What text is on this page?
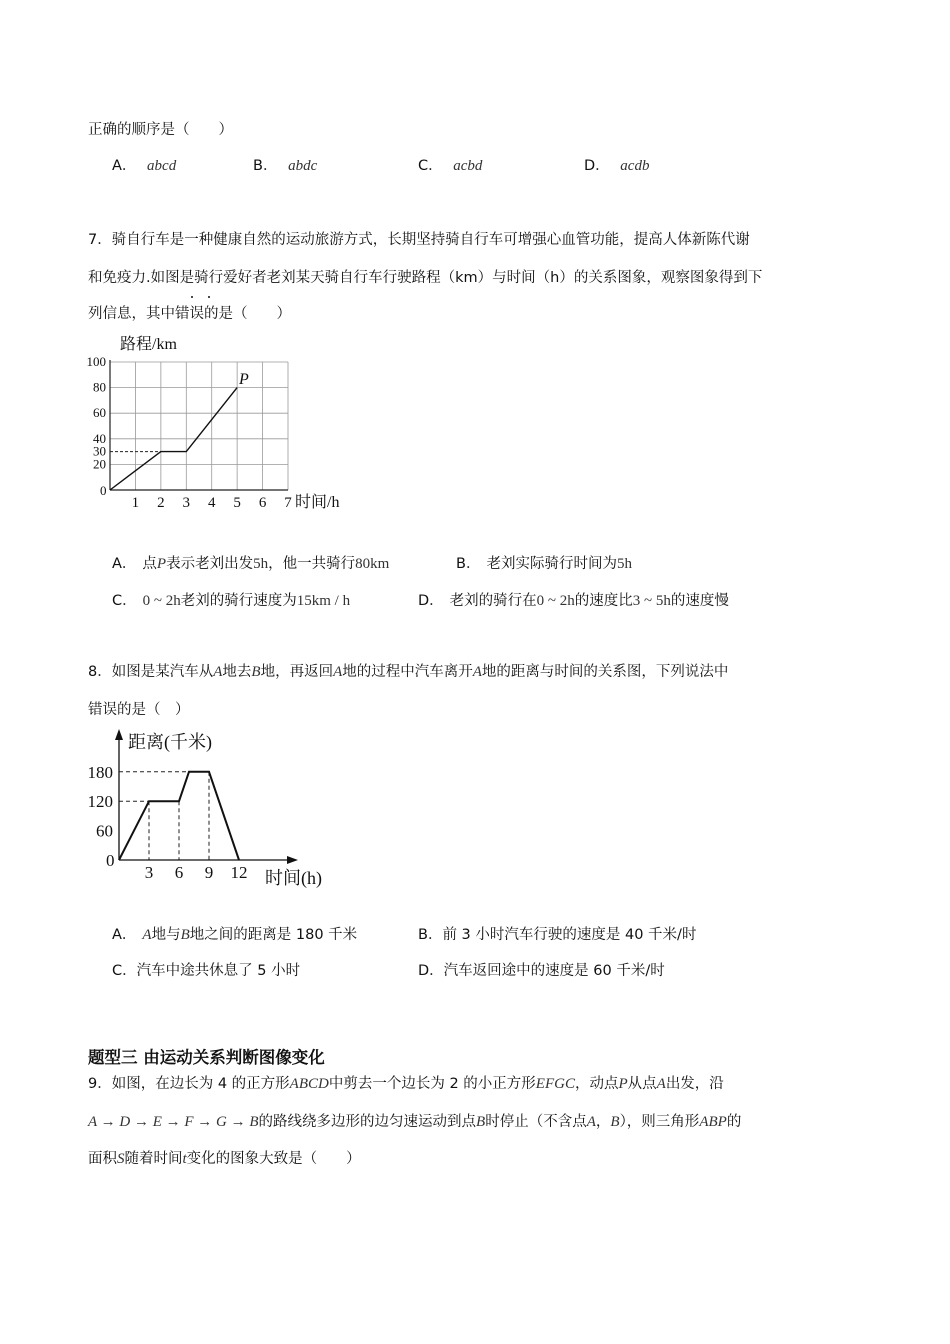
正确的顺序是（　　）
A． abcd	B． abdc	C． acbd	D． acdb
7．骑自行车是一种健康自然的运动旅游方式，长期坚持骑自行车可增强心血管功能，提高人体新陈代谢
和免疫力.如图是骑行爱好者老刘某天骑自行车行驶路程（km）与时间（h）的关系图象，观察图象得到下
列信息，其中错误的是（　　）
100
80
60
40
30
20
1 2 3 4 5 6 7
路程/km
时间/h
P
0
A． 点P表示老刘出发5h，他一共骑行80km	B． 老刘实际骑行时间为5h
C． 0 ~ 2h老刘的骑行速度为15km / h	D． 老刘的骑行在0 ~ 2h的速度比3 ~ 5h的速度慢
8．如图是某汽车从A地去B地，再返回A地的过程中汽车离开A地的距离与时间的关系图，下列说法中
错误的是（　）
180
120
60
3 6 9 12
距离(千米)
时间(h)
0
A． A地与B地之间的距离是 180 千米	B．前 3 小时汽车行驶的速度是 40 千米/时
C．汽车中途共休息了 5 小时	D．汽车返回途中的速度是 60 千米/时
题型三 由运动关系判断图像变化
9．如图，在边长为 4 的正方形ABCD中剪去一个边长为 2 的小正方形EFGC，动点P从点A出发，沿
A → D → E → F → G → B的路线绕多边形的边匀速运动到点B时停止（不含点A，B），则三角形ABP的
面积S随着时间t变化的图象大致是（　　）
